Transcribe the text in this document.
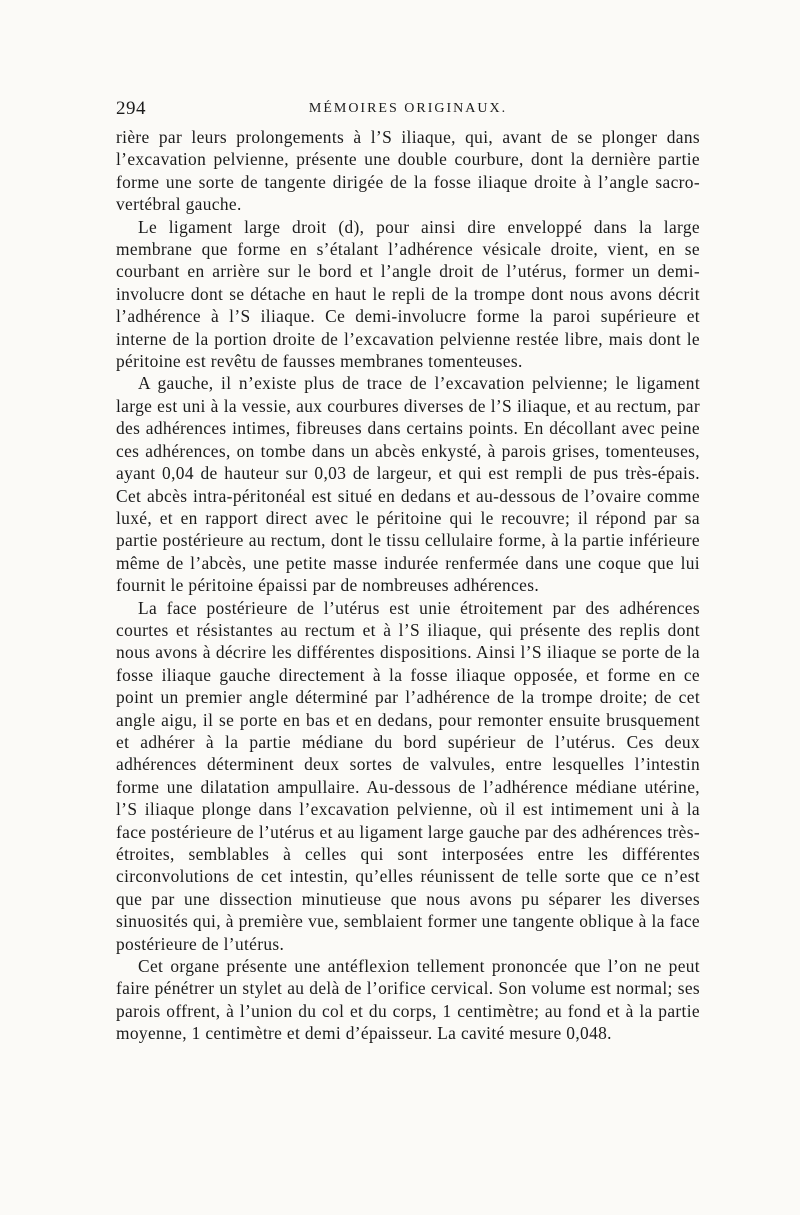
294	MÉMOIRES ORIGINAUX.

rière par leurs prolongements à l’S iliaque, qui, avant de se plonger dans l’excavation pelvienne, présente une double courbure, dont la dernière partie forme une sorte de tangente dirigée de la fosse iliaque droite à l’angle sacro-vertébral gauche.

Le ligament large droit (d), pour ainsi dire enveloppé dans la large membrane que forme en s’étalant l’adhérence vésicale droite, vient, en se courbant en arrière sur le bord et l’angle droit de l’utérus, former un demi-involucre dont se détache en haut le repli de la trompe dont nous avons décrit l’adhérence à l’S iliaque. Ce demi-involucre forme la paroi supérieure et interne de la portion droite de l’excavation pelvienne restée libre, mais dont le péritoine est revêtu de fausses membranes tomenteuses.

A gauche, il n’existe plus de trace de l’excavation pelvienne; le ligament large est uni à la vessie, aux courbures diverses de l’S iliaque, et au rectum, par des adhérences intimes, fibreuses dans certains points. En décollant avec peine ces adhérences, on tombe dans un abcès enkysté, à parois grises, tomenteuses, ayant 0,04 de hauteur sur 0,03 de largeur, et qui est rempli de pus très-épais. Cet abcès intra-péritonéal est situé en dedans et au-dessous de l’ovaire comme luxé, et en rapport direct avec le péritoine qui le recouvre; il répond par sa partie postérieure au rectum, dont le tissu cellulaire forme, à la partie inférieure même de l’abcès, une petite masse indurée renfermée dans une coque que lui fournit le péritoine épaissi par de nombreuses adhérences.

La face postérieure de l’utérus est unie étroitement par des adhérences courtes et résistantes au rectum et à l’S iliaque, qui présente des replis dont nous avons à décrire les différentes dispositions. Ainsi l’S iliaque se porte de la fosse iliaque gauche directement à la fosse iliaque opposée, et forme en ce point un premier angle déterminé par l’adhérence de la trompe droite; de cet angle aigu, il se porte en bas et en dedans, pour remonter ensuite brusquement et adhérer à la partie médiane du bord supérieur de l’utérus. Ces deux adhérences déterminent deux sortes de valvules, entre lesquelles l’intestin forme une dilatation ampullaire. Au-dessous de l’adhérence médiane utérine, l’S iliaque plonge dans l’excavation pelvienne, où il est intimement uni à la face postérieure de l’utérus et au ligament large gauche par des adhérences très-étroites, semblables à celles qui sont interposées entre les différentes circonvolutions de cet intestin, qu’elles réunissent de telle sorte que ce n’est que par une dissection minutieuse que nous avons pu séparer les diverses sinuosités qui, à première vue, semblaient former une tangente oblique à la face postérieure de l’utérus.

Cet organe présente une antéflexion tellement prononcée que l’on ne peut faire pénétrer un stylet au delà de l’orifice cervical. Son volume est normal; ses parois offrent, à l’union du col et du corps, 1 centimètre; au fond et à la partie moyenne, 1 centimètre et demi d’épaisseur. La cavité mesure 0,048.
